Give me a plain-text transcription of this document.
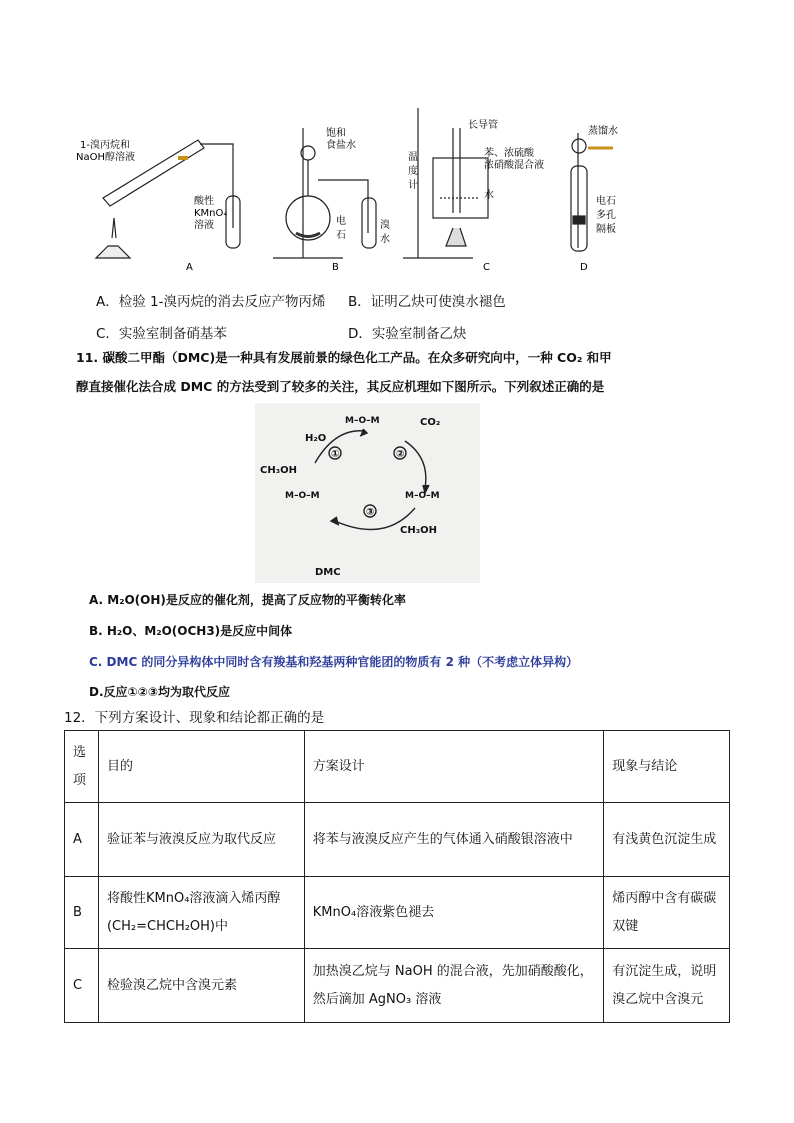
1-溴丙烷和
NaOH醇溶液
酸性
KMnO₄
溶液
A
饱和
食盐水
电
石
溴
水
B
长导管
苯、浓硫酸
浓硝酸混合液
温
度
计
水
C
蒸馏水
电石
多孔
隔板
D
A．检验 1-溴丙烷的消去反应产物丙烯 B．证明乙炔可使溴水褪色
C．实验室制备硝基苯	D．实验室制备乙炔
11. 碳酸二甲酯（DMC)是一种具有发展前景的绿色化工产品。在众多研究向中，一种 CO₂ 和甲
醇直接催化法合成 DMC 的方法受到了较多的关注，其反应机理如下图所示。下列叙述正确的是
H₂O
CH₃OH
CO₂
CH₃OH
DMC
①	②
③
M–O–M
M–O–M	M–O–M
A. M₂O(OH)是反应的催化剂，提高了反应物的平衡转化率
B. H₂O、M₂O(OCH3)是反应中间体
C. DMC 的同分异构体中同时含有羧基和羟基两种官能团的物质有 2 种（不考虑立体异构）
D.反应①②③均为取代反应
12．下列方案设计、现象和结论都正确的是
选项	目的	方案设计	现象与结论
A	验证苯与液溴反应为取代反应	将苯与液溴反应产生的气体通入硝酸银溶液中	有浅黄色沉淀生成
B	将酸性KMnO₄溶液滴入烯丙醇(CH₂=CHCH₂OH)中	KMnO₄溶液紫色褪去	烯丙醇中含有碳碳双键
C	检验溴乙烷中含溴元素	加热溴乙烷与 NaOH 的混合液，先加硝酸酸化，然后滴加 AgNO₃ 溶液	有沉淀生成，说明溴乙烷中含溴元
